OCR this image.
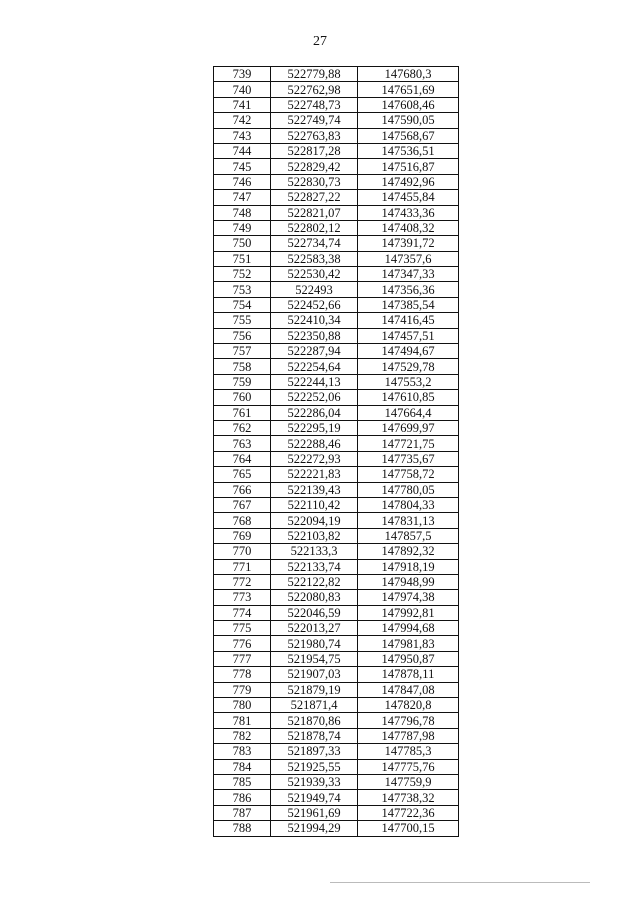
27
739	522779,88	147680,3
740	522762,98	147651,69
741	522748,73	147608,46
742	522749,74	147590,05
743	522763,83	147568,67
744	522817,28	147536,51
745	522829,42	147516,87
746	522830,73	147492,96
747	522827,22	147455,84
748	522821,07	147433,36
749	522802,12	147408,32
750	522734,74	147391,72
751	522583,38	147357,6
752	522530,42	147347,33
753	522493	147356,36
754	522452,66	147385,54
755	522410,34	147416,45
756	522350,88	147457,51
757	522287,94	147494,67
758	522254,64	147529,78
759	522244,13	147553,2
760	522252,06	147610,85
761	522286,04	147664,4
762	522295,19	147699,97
763	522288,46	147721,75
764	522272,93	147735,67
765	522221,83	147758,72
766	522139,43	147780,05
767	522110,42	147804,33
768	522094,19	147831,13
769	522103,82	147857,5
770	522133,3	147892,32
771	522133,74	147918,19
772	522122,82	147948,99
773	522080,83	147974,38
774	522046,59	147992,81
775	522013,27	147994,68
776	521980,74	147981,83
777	521954,75	147950,87
778	521907,03	147878,11
779	521879,19	147847,08
780	521871,4	147820,8
781	521870,86	147796,78
782	521878,74	147787,98
783	521897,33	147785,3
784	521925,55	147775,76
785	521939,33	147759,9
786	521949,74	147738,32
787	521961,69	147722,36
788	521994,29	147700,15
